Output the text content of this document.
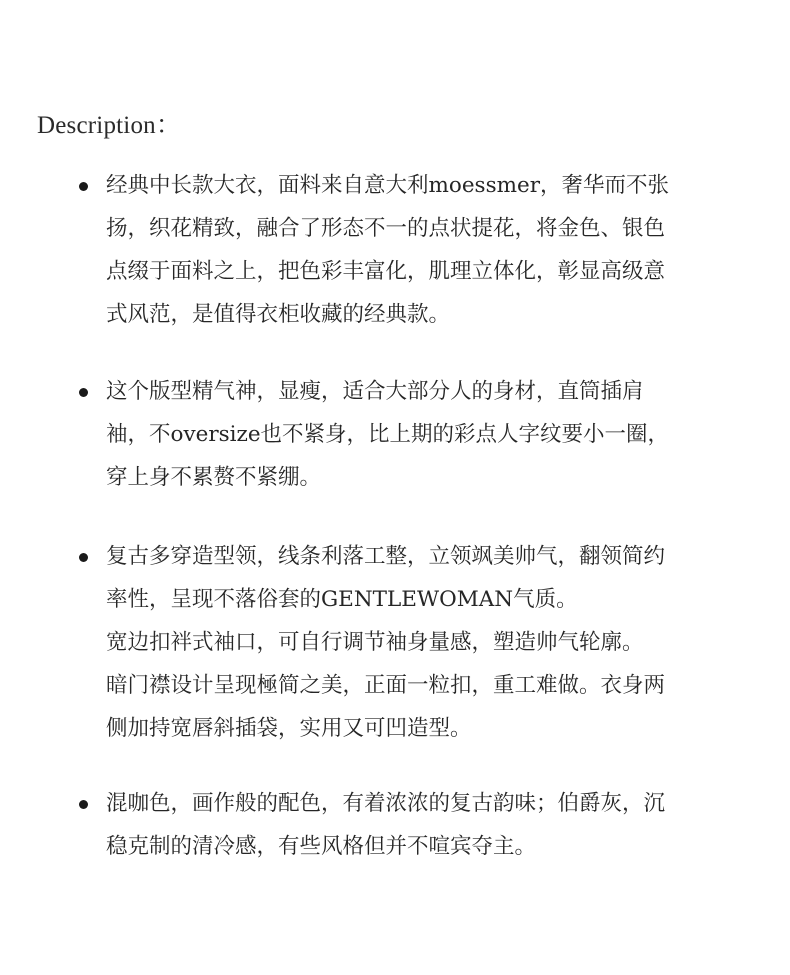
Description：
经典中长款大衣，面料来自意大利moessmer，奢华而不张
扬，织花精致，融合了形态不一的点状提花，将金色、银色
点缀于面料之上，把色彩丰富化，肌理立体化，彰显高级意
式风范，是值得衣柜收藏的经典款。
这个版型精气神，显瘦，适合大部分人的身材，直筒插肩
袖，不oversize也不紧身，比上期的彩点人字纹要小一圈，
穿上身不累赘不紧绷。
复古多穿造型领，线条利落工整，立领飒美帅气，翻领简约
率性，呈现不落俗套的GENTLEWOMAN气质。
宽边扣袢式袖口，可自行调节袖身量感，塑造帅气轮廓。
暗门襟设计呈现極简之美，正面一粒扣，重工难做。衣身两
侧加持宽唇斜插袋，实用又可凹造型。
混咖色，画作般的配色，有着浓浓的复古韵味；伯爵灰，沉
稳克制的清冷感，有些风格但并不喧宾夺主。
